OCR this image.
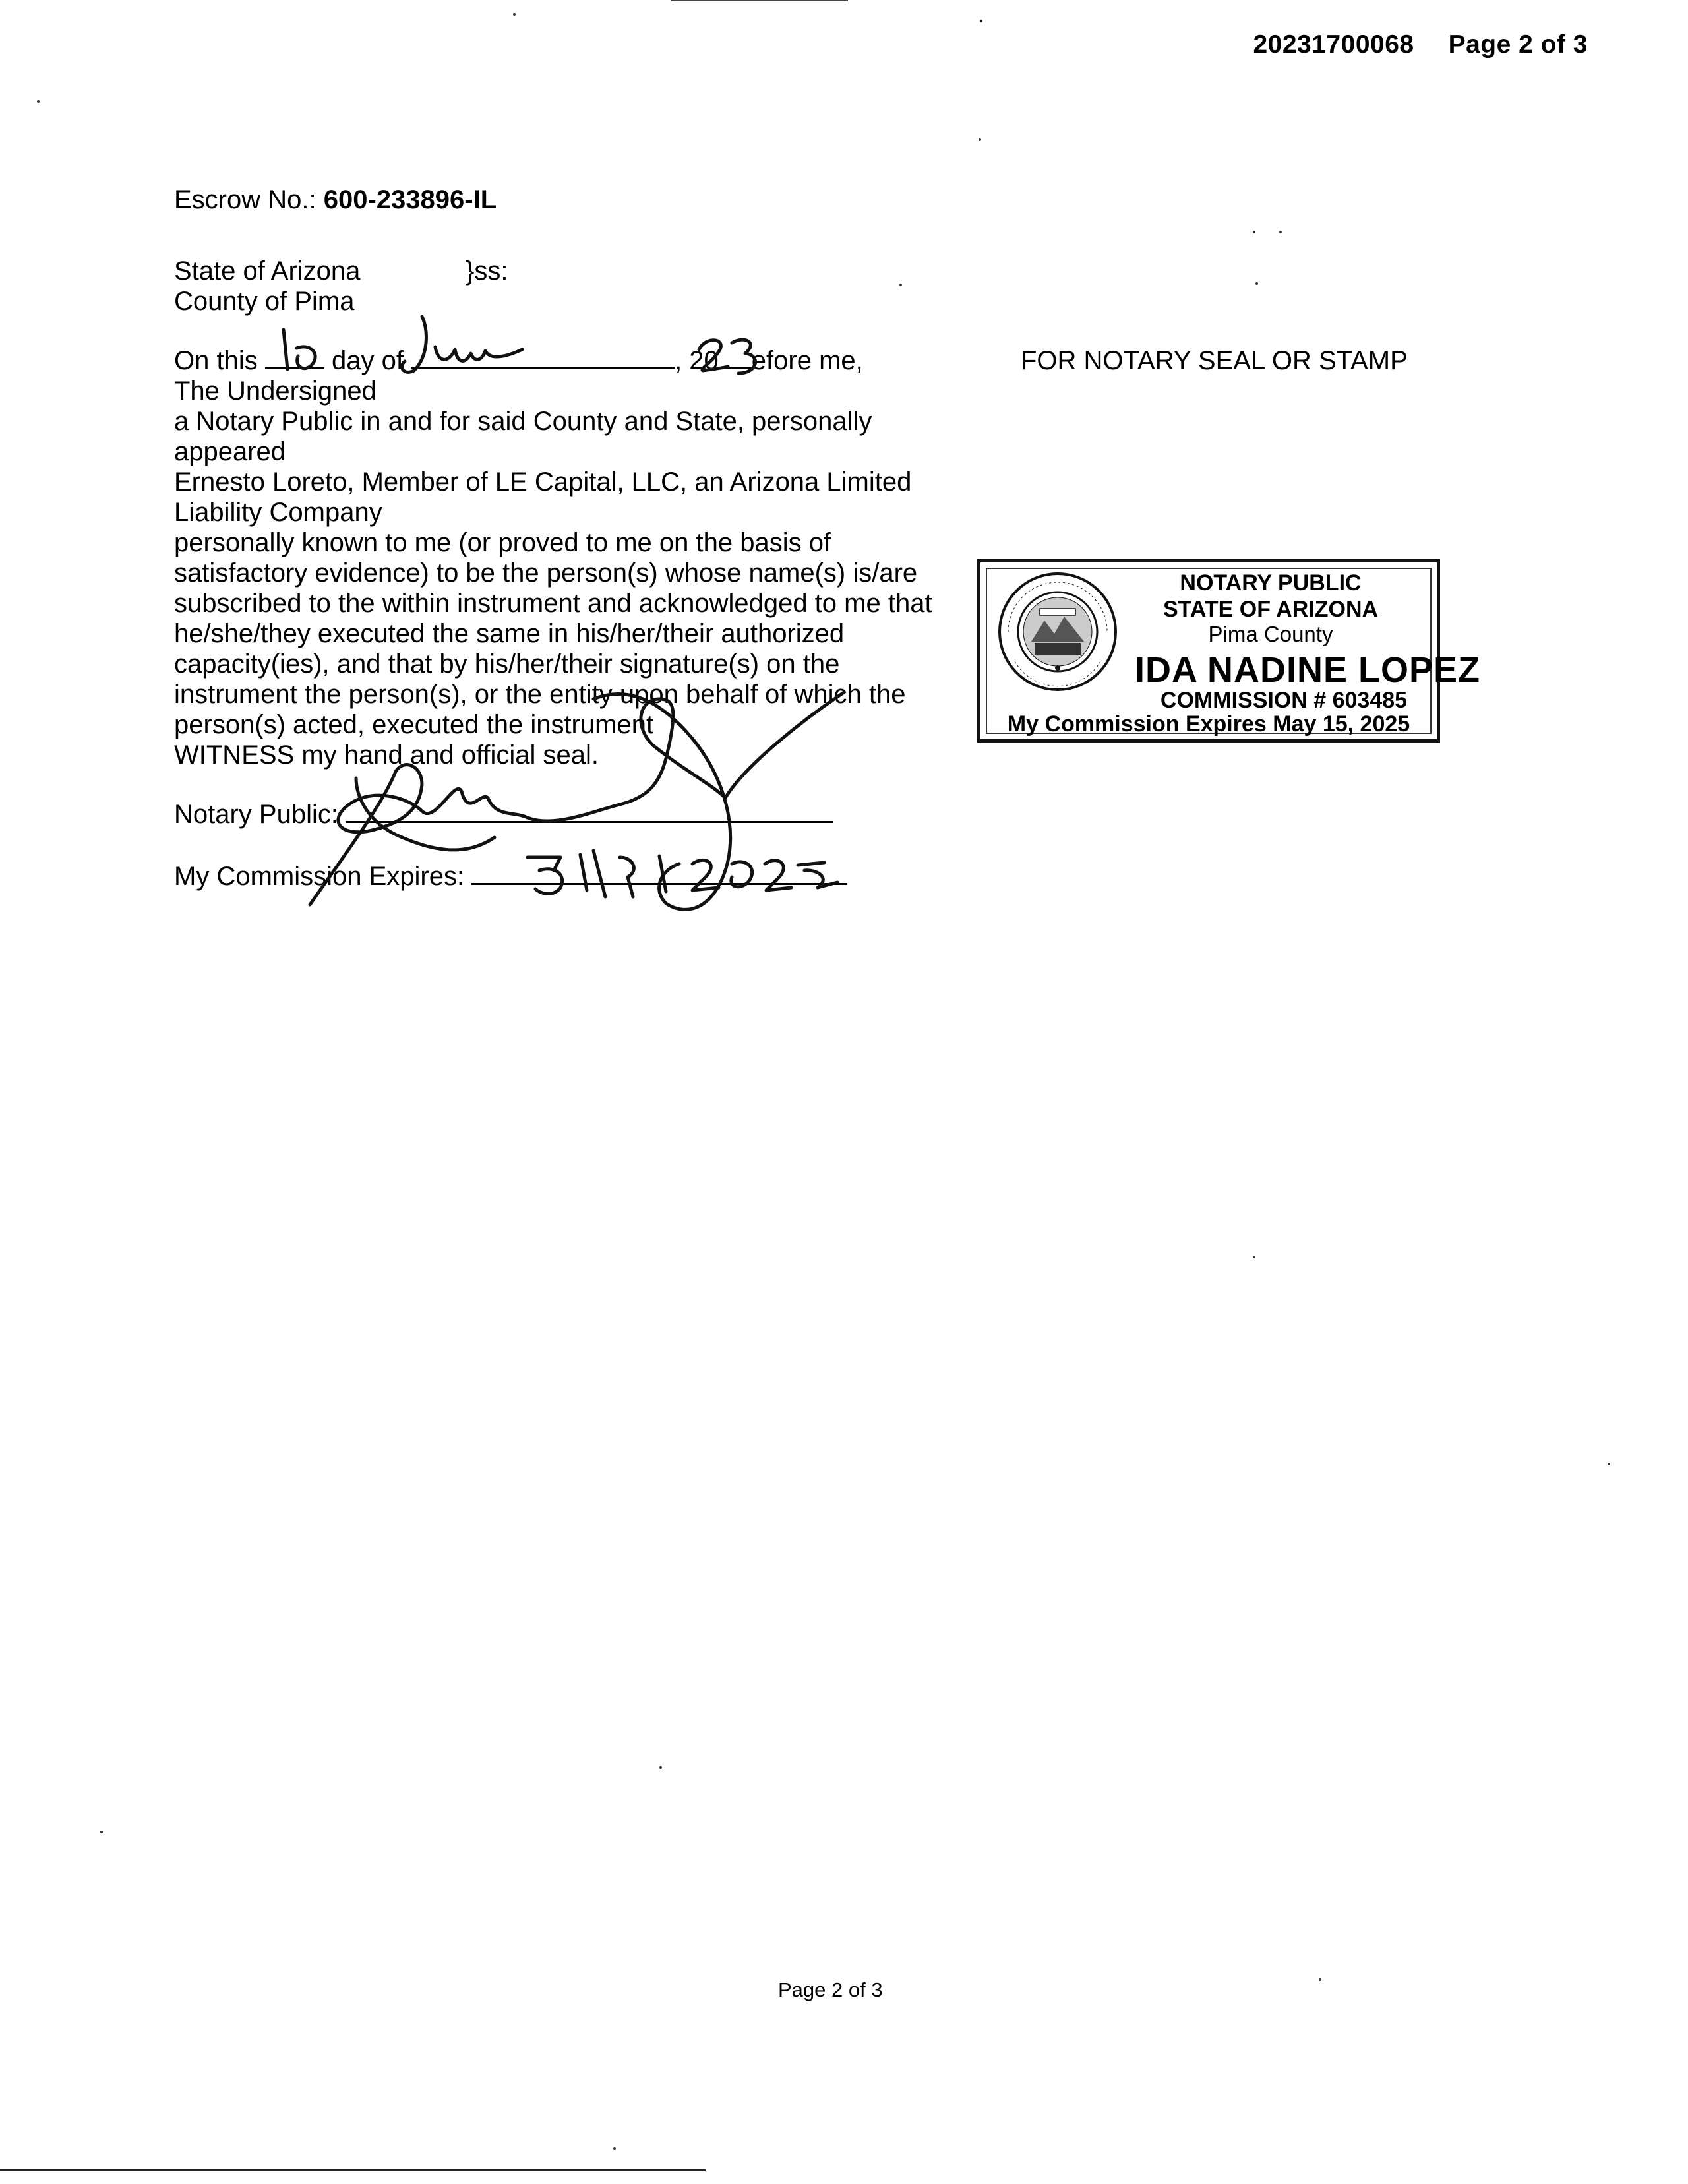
20231700068 Page 2 of 3
Escrow No.: 600-233896-IL
State of Arizona	}ss:
County of Pima
On this	day of	, 20 efore me,
The Undersigned
a Notary Public in and for said County and State, personally
appeared
Ernesto Loreto, Member of LE Capital, LLC, an Arizona Limited
Liability Company
personally known to me (or proved to me on the basis of
satisfactory evidence) to be the person(s) whose name(s) is/are
subscribed to the within instrument and acknowledged to me that
he/she/they executed the same in his/her/their authorized
capacity(ies), and that by his/her/their signature(s) on the
instrument the person(s), or the entity upon behalf of which the
person(s) acted, executed the instrument
WITNESS my hand and official seal.
Notary Public:
My Commission Expires:
FOR NOTARY SEAL OR STAMP
NOTARY PUBLIC
STATE OF ARIZONA
Pima County
IDA NADINE LOPEZ
COMMISSION # 603485
My Commission Expires May 15, 2025
Page 2 of 3
